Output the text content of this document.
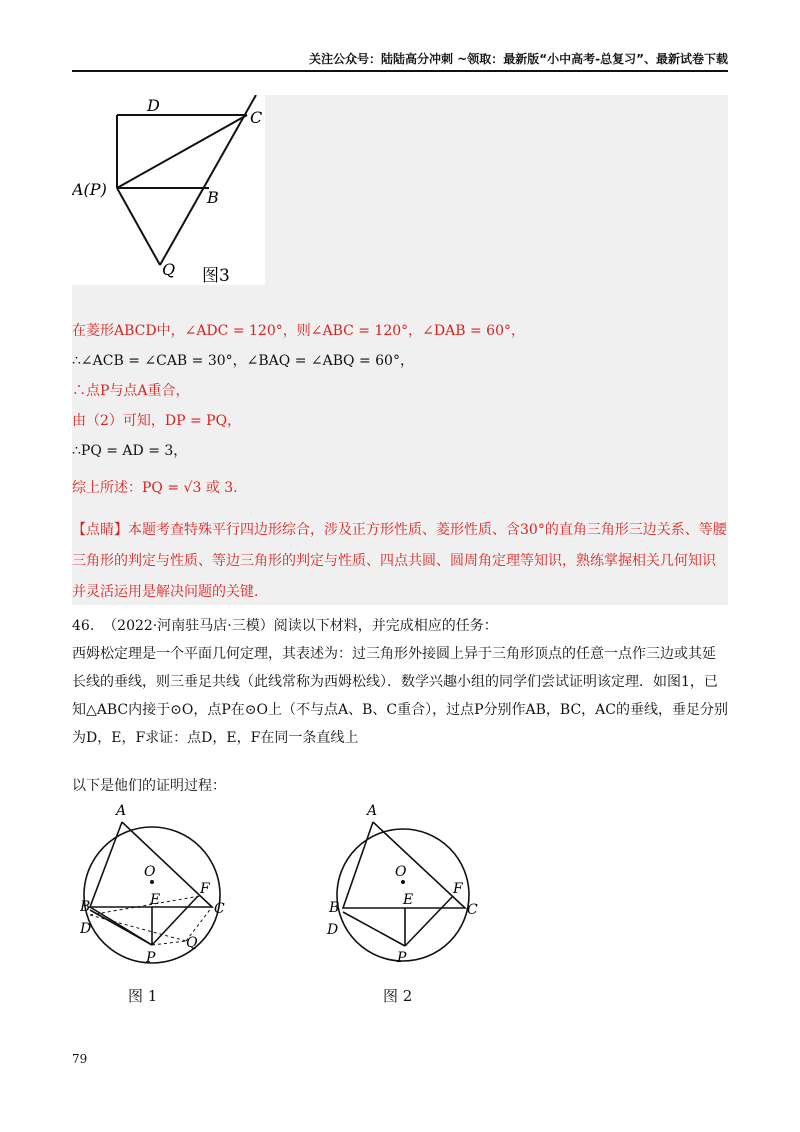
关注公众号：陆陆高分冲刺 ~领取：最新版“小中高考-总复习”、最新试卷下载
D
C
A(P)	B
Q 图3
在菱形ABCD中，∠ADC = 120°，则∠ABC = 120°，∠DAB = 60°，
∴∠ACB = ∠CAB = 30°，∠BAQ = ∠ABQ = 60°，
∴点P与点A重合，
由（2）可知，DP = PQ，
∴PQ = AD = 3，
综上所述：PQ = √3 或 3.
【点睛】本题考查特殊平行四边形综合，涉及正方形性质、菱形性质、含30°的直角三角形三边关系、等腰三角形的判定与性质、等边三角形的判定与性质、四点共圆、圆周角定理等知识，熟练掌握相关几何知识并灵活运用是解决问题的关键.
46. （2022·河南驻马店·三模）阅读以下材料，并完成相应的任务：
西姆松定理是一个平面几何定理，其表述为：过三角形外接圆上异于三角形顶点的任意一点作三边或其延长线的垂线，则三垂足共线（此线常称为西姆松线）．数学兴趣小组的同学们尝试证明该定理．如图1，已知△ABC内接于⊙O，点P在⊙O上（不与点A、B、C重合），过点P分别作AB，BC，AC的垂线，垂足分别为D，E，F求证：点D，E，F在同一条直线上
以下是他们的证明过程：
A
O
F
B	E
C
D
Q
P
图 1
A
O
F
B	E
C
D
P
图 2
79
